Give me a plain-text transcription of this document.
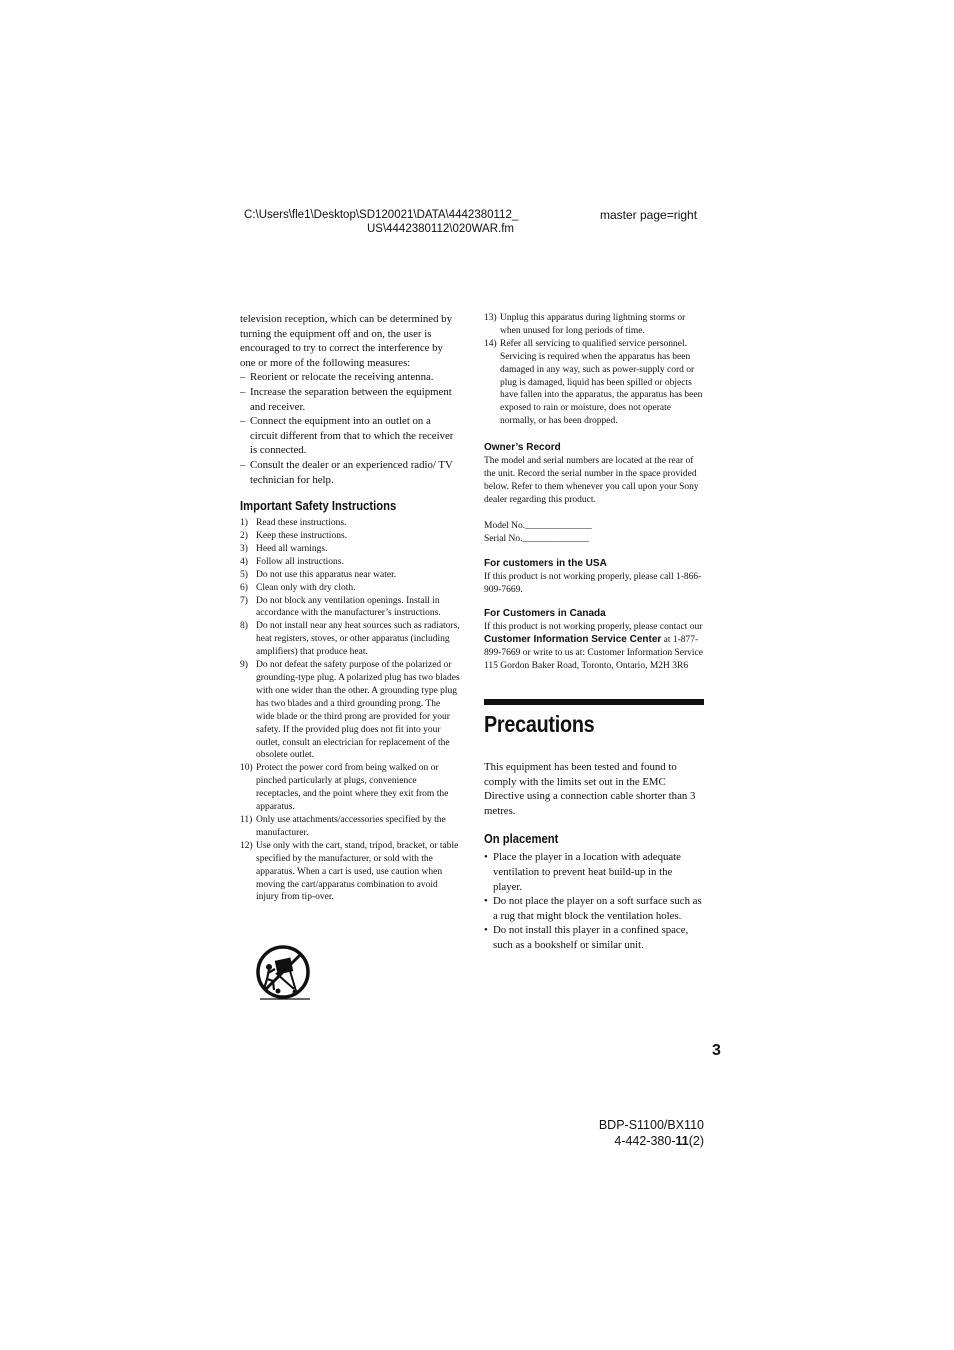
C:\Users\fle1\Desktop\SD120021\DATA\4442380112_
US\4442380112\020WAR.fm
master page=right

television reception, which can be determined by turning the equipment off and on, the user is encouraged to try to correct the interference by one or more of the following measures:

– Reorient or relocate the receiving antenna.
– Increase the separation between the equipment and receiver.
– Connect the equipment into an outlet on a circuit different from that to which the receiver is connected.
– Consult the dealer or an experienced radio/ TV technician for help.
Important Safety Instructions
1) Read these instructions.
2) Keep these instructions.
3) Heed all warnings.
4) Follow all instructions.
5) Do not use this apparatus near water.
6) Clean only with dry cloth.
7) Do not block any ventilation openings. Install in accordance with the manufacturer’s instructions.
8) Do not install near any heat sources such as radiators, heat registers, stoves, or other apparatus (including amplifiers) that produce heat.
9) Do not defeat the safety purpose of the polarized or grounding-type plug. A polarized plug has two blades with one wider than the other. A grounding type plug has two blades and a third grounding prong. The wide blade or the third prong are provided for your safety. If the provided plug does not fit into your outlet, consult an electrician for replacement of the obsolete outlet.
10) Protect the power cord from being walked on or pinched particularly at plugs, convenience receptacles, and the point where they exit from the apparatus.
11) Only use attachments/accessories specified by the manufacturer.
12) Use only with the cart, stand, tripod, bracket, or table specified by the manufacturer, or sold with the apparatus. When a cart is used, use caution when moving the cart/apparatus combination to avoid injury from tip-over.
13) Unplug this apparatus during lightning storms or when unused for long periods of time.
14) Refer all servicing to qualified service personnel. Servicing is required when the apparatus has been damaged in any way, such as power-supply cord or plug is damaged, liquid has been spilled or objects have fallen into the apparatus, the apparatus has been exposed to rain or moisture, does not operate normally, or has been dropped.
Owner’s Record

The model and serial numbers are located at the rear of the unit. Record the serial number in the space provided below. Refer to them whenever you call upon your Sony dealer regarding this product.

Model No.______________

Serial No.______________

For customers in the USA

If this product is not working properly, please call 1-866-909-7669.

For Customers in Canada

If this product is not working properly, please contact our Customer Information Service Center at 1-877-899-7669 or write to us at: Customer Information Service 115 Gordon Baker Road, Toronto, Ontario, M2H 3R6

Precautions

This equipment has been tested and found to comply with the limits set out in the EMC Directive using a connection cable shorter than 3 metres.

On placement
• Place the player in a location with adequate ventilation to prevent heat build-up in the player.
• Do not place the player on a soft surface such as a rug that might block the ventilation holes.
• Do not install this player in a confined space, such as a bookshelf or similar unit.
3
BDP-S1100/BX110
4-442-380-11(2)
